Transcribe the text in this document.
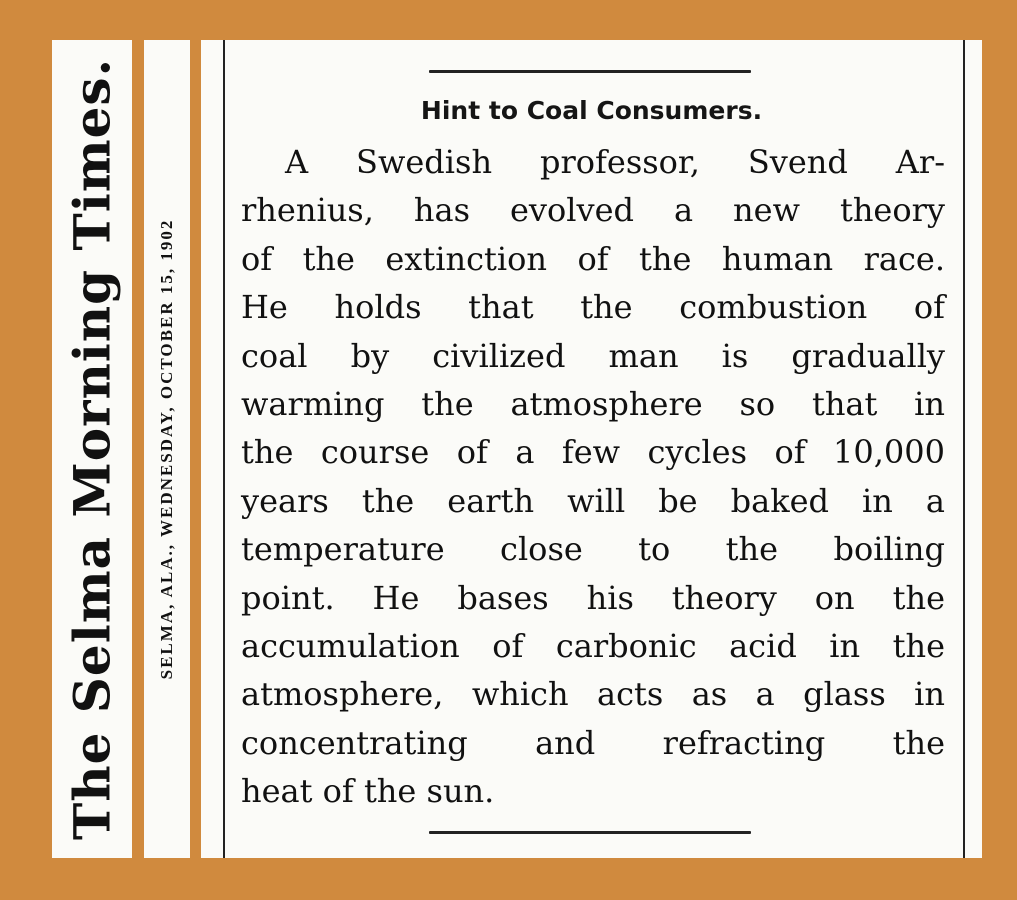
The Selma Morning Times. SELMA, ALA., WEDNESDAY, OCTOBER 15, 1902
Hint to Coal Consumers.
A Swedish professor, Svend Ar-
rhenius, has evolved a new theory
of the extinction of the human race.
He holds that the combustion of
coal by civilized man is gradually
warming the atmosphere so that in
the course of a few cycles of 10,000
years the earth will be baked in a
temperature close to the boiling
point. He bases his theory on the
accumulation of carbonic acid in the
atmosphere, which acts as a glass in
concentrating and refracting the
heat of the sun.
